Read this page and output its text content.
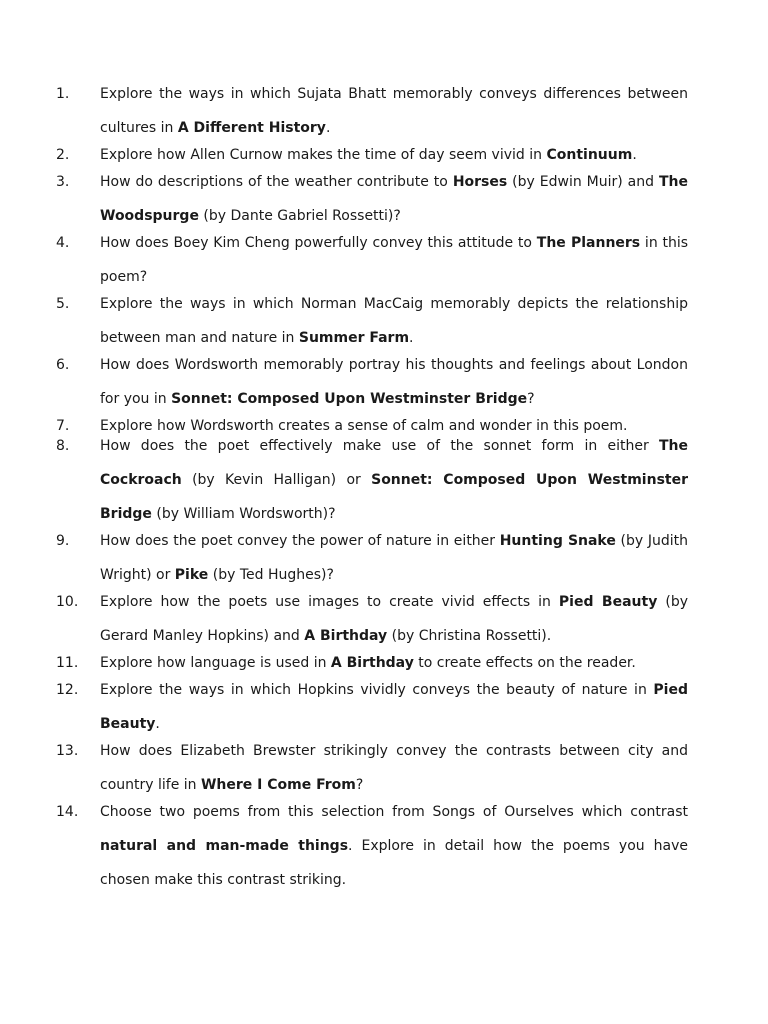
1.	Explore the ways in which Sujata Bhatt memorably conveys differences between cultures in A Different History.
2.	Explore how Allen Curnow makes the time of day seem vivid in Continuum.
3.	How do descriptions of the weather contribute to Horses (by Edwin Muir) and The Woodspurge (by Dante Gabriel Rossetti)?
4.	How does Boey Kim Cheng powerfully convey this attitude to The Planners in this poem?
5.	Explore the ways in which Norman MacCaig memorably depicts the relationship between man and nature in Summer Farm.
6.	How does Wordsworth memorably portray his thoughts and feelings about London for you in Sonnet: Composed Upon Westminster Bridge?
7.	Explore how Wordsworth creates a sense of calm and wonder in this poem.
8.	How does the poet effectively make use of the sonnet form in either The Cockroach (by Kevin Halligan) or Sonnet: Composed Upon Westminster Bridge (by William Wordsworth)?
9.	How does the poet convey the power of nature in either Hunting Snake (by Judith Wright) or Pike (by Ted Hughes)?
10.	Explore how the poets use images to create vivid effects in Pied Beauty (by Gerard Manley Hopkins) and A Birthday (by Christina Rossetti).
11.	Explore how language is used in A Birthday to create effects on the reader.
12.	Explore the ways in which Hopkins vividly conveys the beauty of nature in Pied Beauty.
13.	How does Elizabeth Brewster strikingly convey the contrasts between city and country life in Where I Come From?
14.	Choose two poems from this selection from Songs of Ourselves which contrast natural and man-made things. Explore in detail how the poems you have chosen make this contrast striking.
